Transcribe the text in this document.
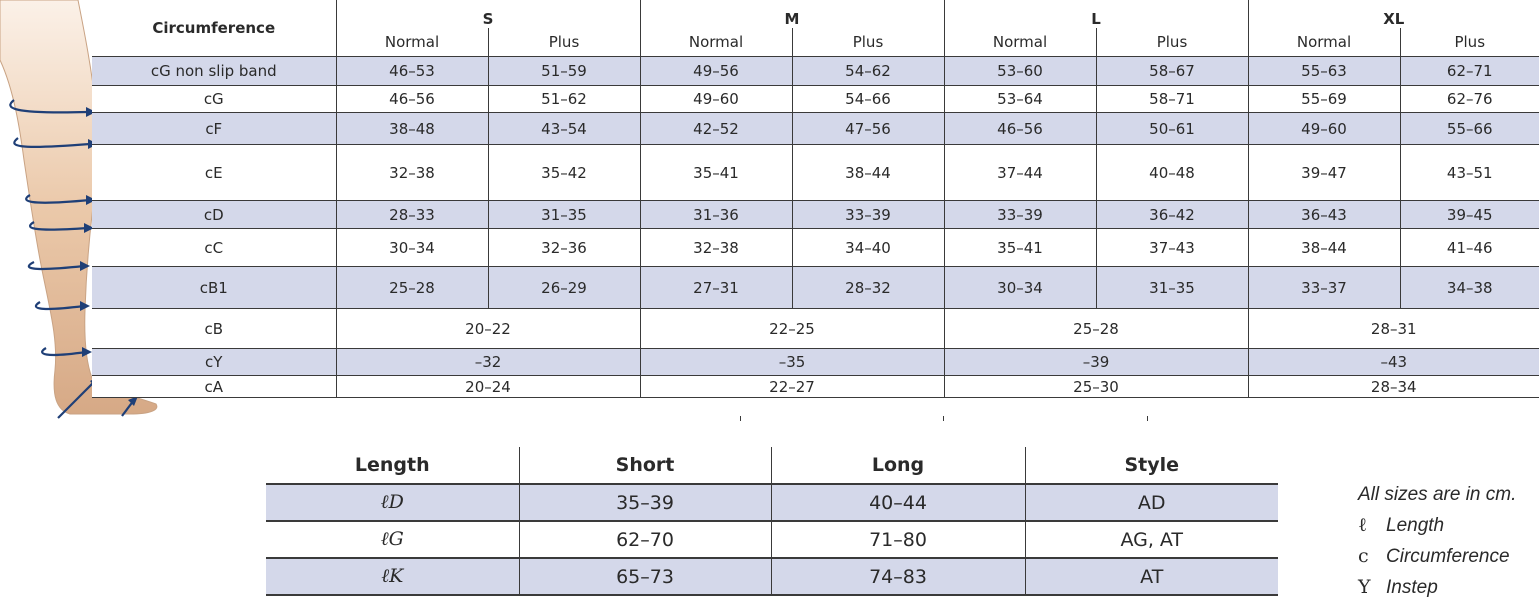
Circumference	S		M		L		XL	
	Normal	Plus	Normal	Plus	Normal	Plus	Normal	Plus
cG non slip band	46–53	51–59	49–56	54–62	53–60	58–67	55–63	62–71
cG	46–56	51–62	49–60	54–66	53–64	58–71	55–69	62–76
cF	38–48	43–54	42–52	47–56	46–56	50–61	49–60	55–66
cE	32–38	35–42	35–41	38–44	37–44	40–48	39–47	43–51
cD	28–33	31–35	31–36	33–39	33–39	36–42	36–43	39–45
cC	30–34	32–36	32–38	34–40	35–41	37–43	38–44	41–46
cB1	25–28	26–29	27–31	28–32	30–34	31–35	33–37	34–38
cB	20–22		22–25		25–28		28–31	
cY	–32		–35		–39		–43	
cA	20–24		22–27		25–30		28–34	
Length	Short	Long	Style
ℓD	35–39	40–44	AD
ℓG	62–70	71–80	AG, AT
ℓK	65–73	74–83	AT
All sizes are in cm.
ℓ Length
c Circumference
Y Instep
